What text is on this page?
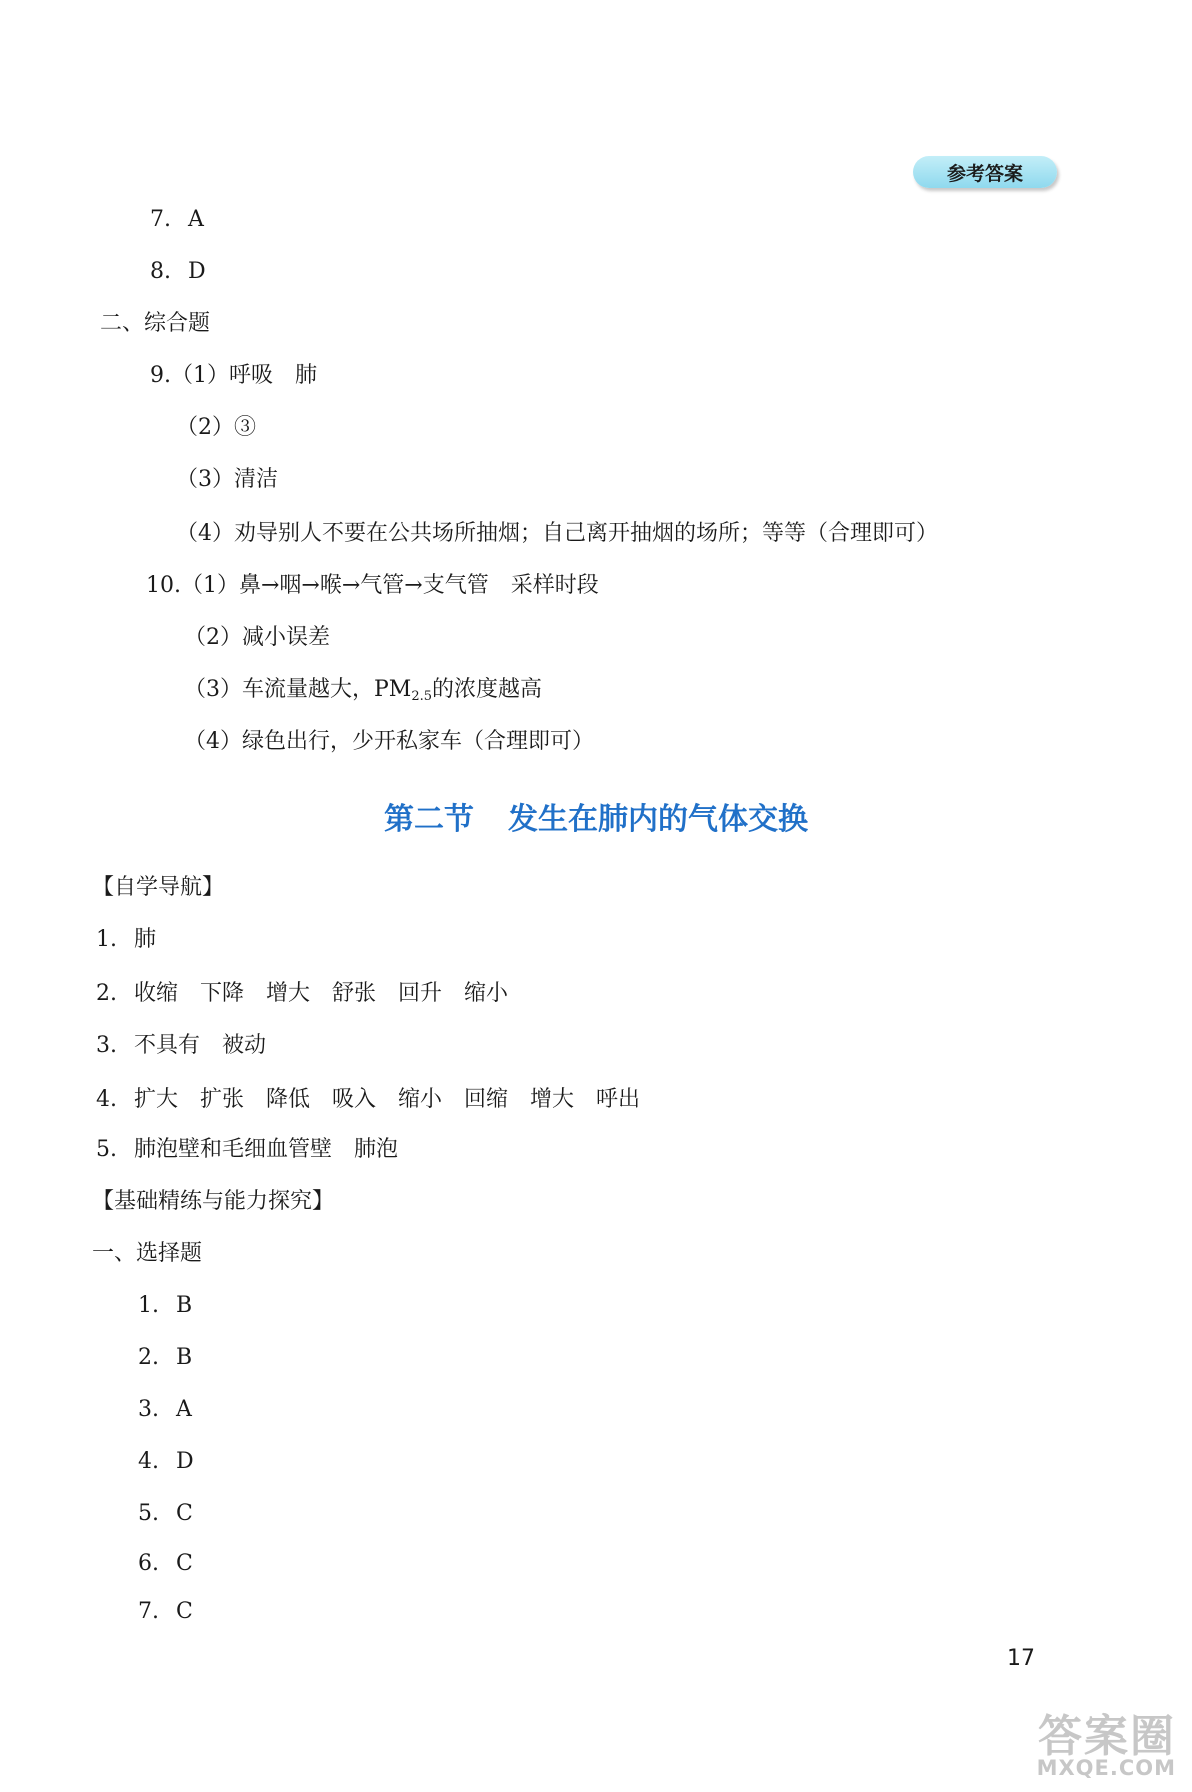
参考答案
7. A
8. D
二、综合题
9.（1）呼吸　肺
（2）③
（3）清洁
（4）劝导别人不要在公共场所抽烟；自己离开抽烟的场所；等等（合理即可）
10.（1）鼻→咽→喉→气管→支气管　采样时段
（2）减小误差
（3）车流量越大，$PM_{2.5}$的浓度越高
（4）绿色出行，少开私家车（合理即可）
第二节 发生在肺内的气体交换
【自学导航】
1. 肺
2. 收缩　下降　增大　舒张　回升　缩小
3. 不具有　被动
4. 扩大　扩张　降低　吸入　缩小　回缩　增大　呼出
5. 肺泡壁和毛细血管壁　肺泡
【基础精练与能力探究】
一、选择题
1. B
2. B
3. A
4. D
5. C
6. C
7. C
17
答案圈
MXQE.COM
